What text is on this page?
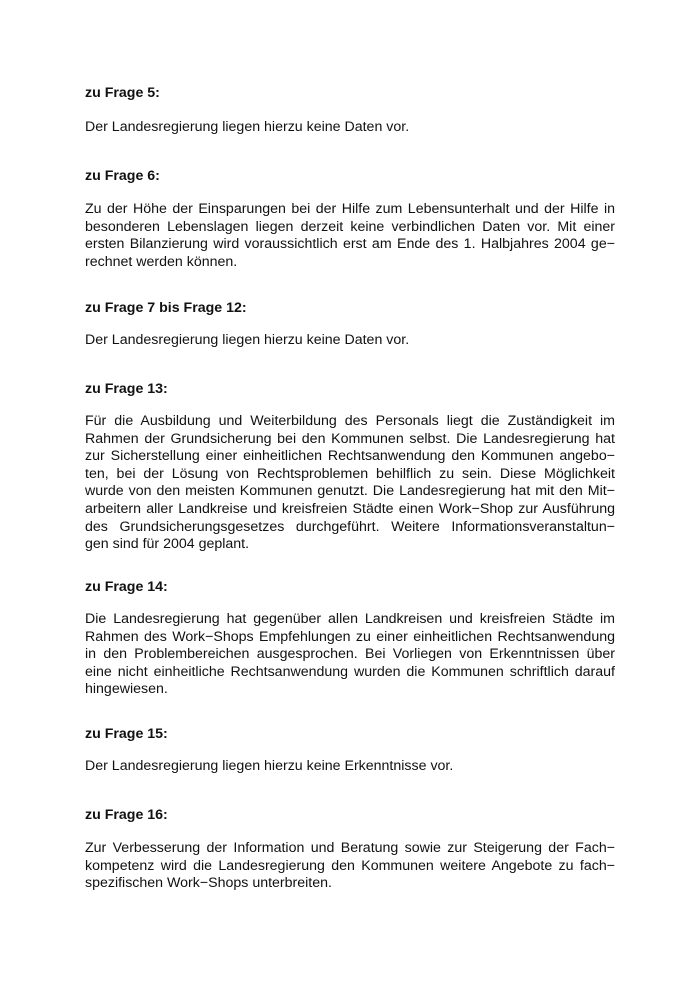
zu Frage 5:
Der Landesregierung liegen hierzu keine Daten vor.
zu Frage 6:
Zu der Höhe der Einsparungen bei der Hilfe zum Lebensunterhalt und der Hilfe in
besonderen Lebenslagen liegen derzeit keine verbindlichen Daten vor. Mit einer
ersten Bilanzierung wird voraussichtlich erst am Ende des 1. Halbjahres 2004 ge−
rechnet werden können.
zu Frage 7 bis Frage 12:
Der Landesregierung liegen hierzu keine Daten vor.
zu Frage 13:
Für die Ausbildung und Weiterbildung des Personals liegt die Zuständigkeit im
Rahmen der Grundsicherung bei den Kommunen selbst. Die Landesregierung hat
zur Sicherstellung einer einheitlichen Rechtsanwendung den Kommunen angebo−
ten, bei der Lösung von Rechtsproblemen behilflich zu sein. Diese Möglichkeit
wurde von den meisten Kommunen genutzt. Die Landesregierung hat mit den Mit−
arbeitern aller Landkreise und kreisfreien Städte einen Work−Shop zur Ausführung
des Grundsicherungsgesetzes durchgeführt. Weitere Informationsveranstaltun−
gen sind für 2004 geplant.
zu Frage 14:
Die Landesregierung hat gegenüber allen Landkreisen und kreisfreien Städte im
Rahmen des Work−Shops Empfehlungen zu einer einheitlichen Rechtsanwendung
in den Problembereichen ausgesprochen. Bei Vorliegen von Erkenntnissen über
eine nicht einheitliche Rechtsanwendung wurden die Kommunen schriftlich darauf
hingewiesen.
zu Frage 15:
Der Landesregierung liegen hierzu keine Erkenntnisse vor.
zu Frage 16:
Zur Verbesserung der Information und Beratung sowie zur Steigerung der Fach−
kompetenz wird die Landesregierung den Kommunen weitere Angebote zu fach−
spezifischen Work−Shops unterbreiten.
